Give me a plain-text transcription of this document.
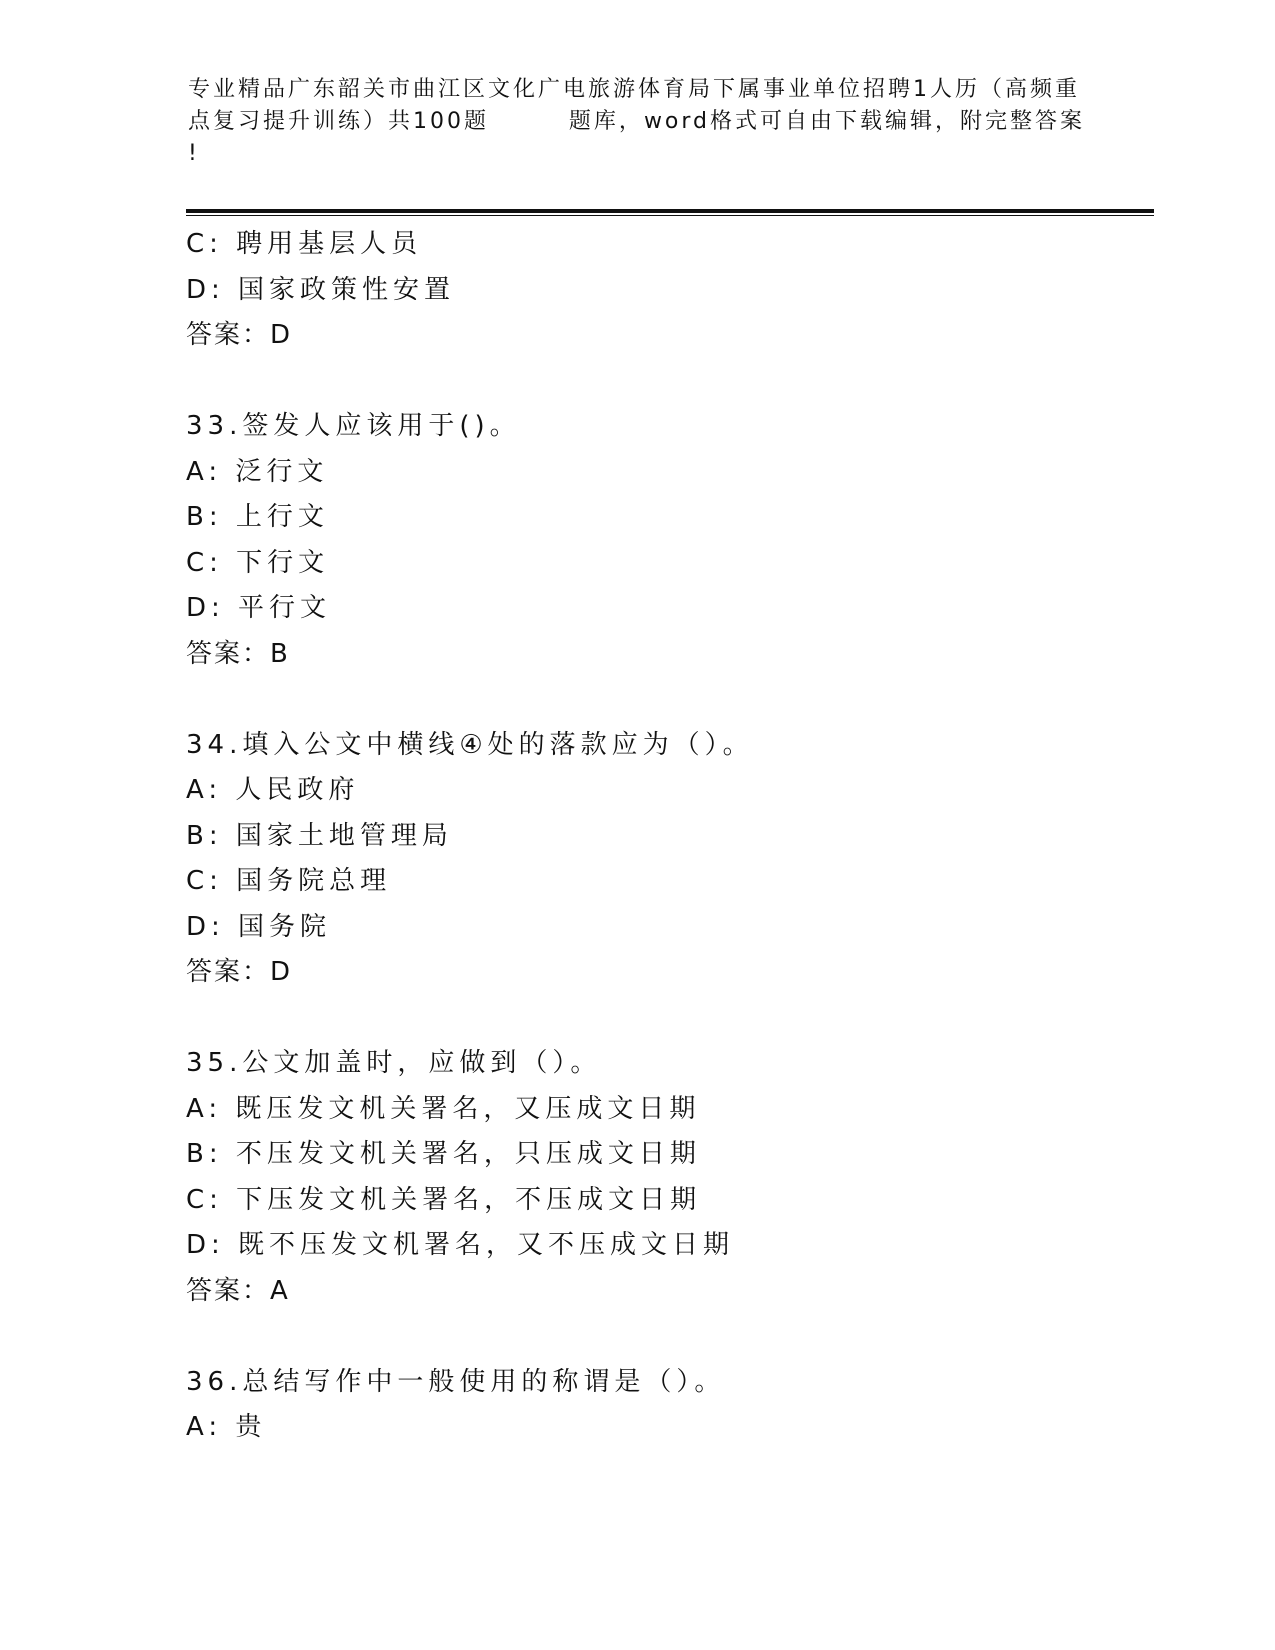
专业精品广东韶关市曲江区文化广电旅游体育局下属事业单位招聘1人历（高频重
点复习提升训练）共100题        题库，word格式可自由下载编辑，附完整答案
!
C: 聘用基层人员
D: 国家政策性安置
答案：D
33.签发人应该用于()。
A: 泛行文
B: 上行文
C: 下行文
D: 平行文
答案：B
34.填入公文中横线④处的落款应为（）。
A: 人民政府
B: 国家土地管理局
C: 国务院总理
D: 国务院
答案：D
35.公文加盖时，应做到（）。
A: 既压发文机关署名，又压成文日期
B: 不压发文机关署名，只压成文日期
C: 下压发文机关署名，不压成文日期
D: 既不压发文机署名，又不压成文日期
答案：A
36.总结写作中一般使用的称谓是（）。
A: 贵
